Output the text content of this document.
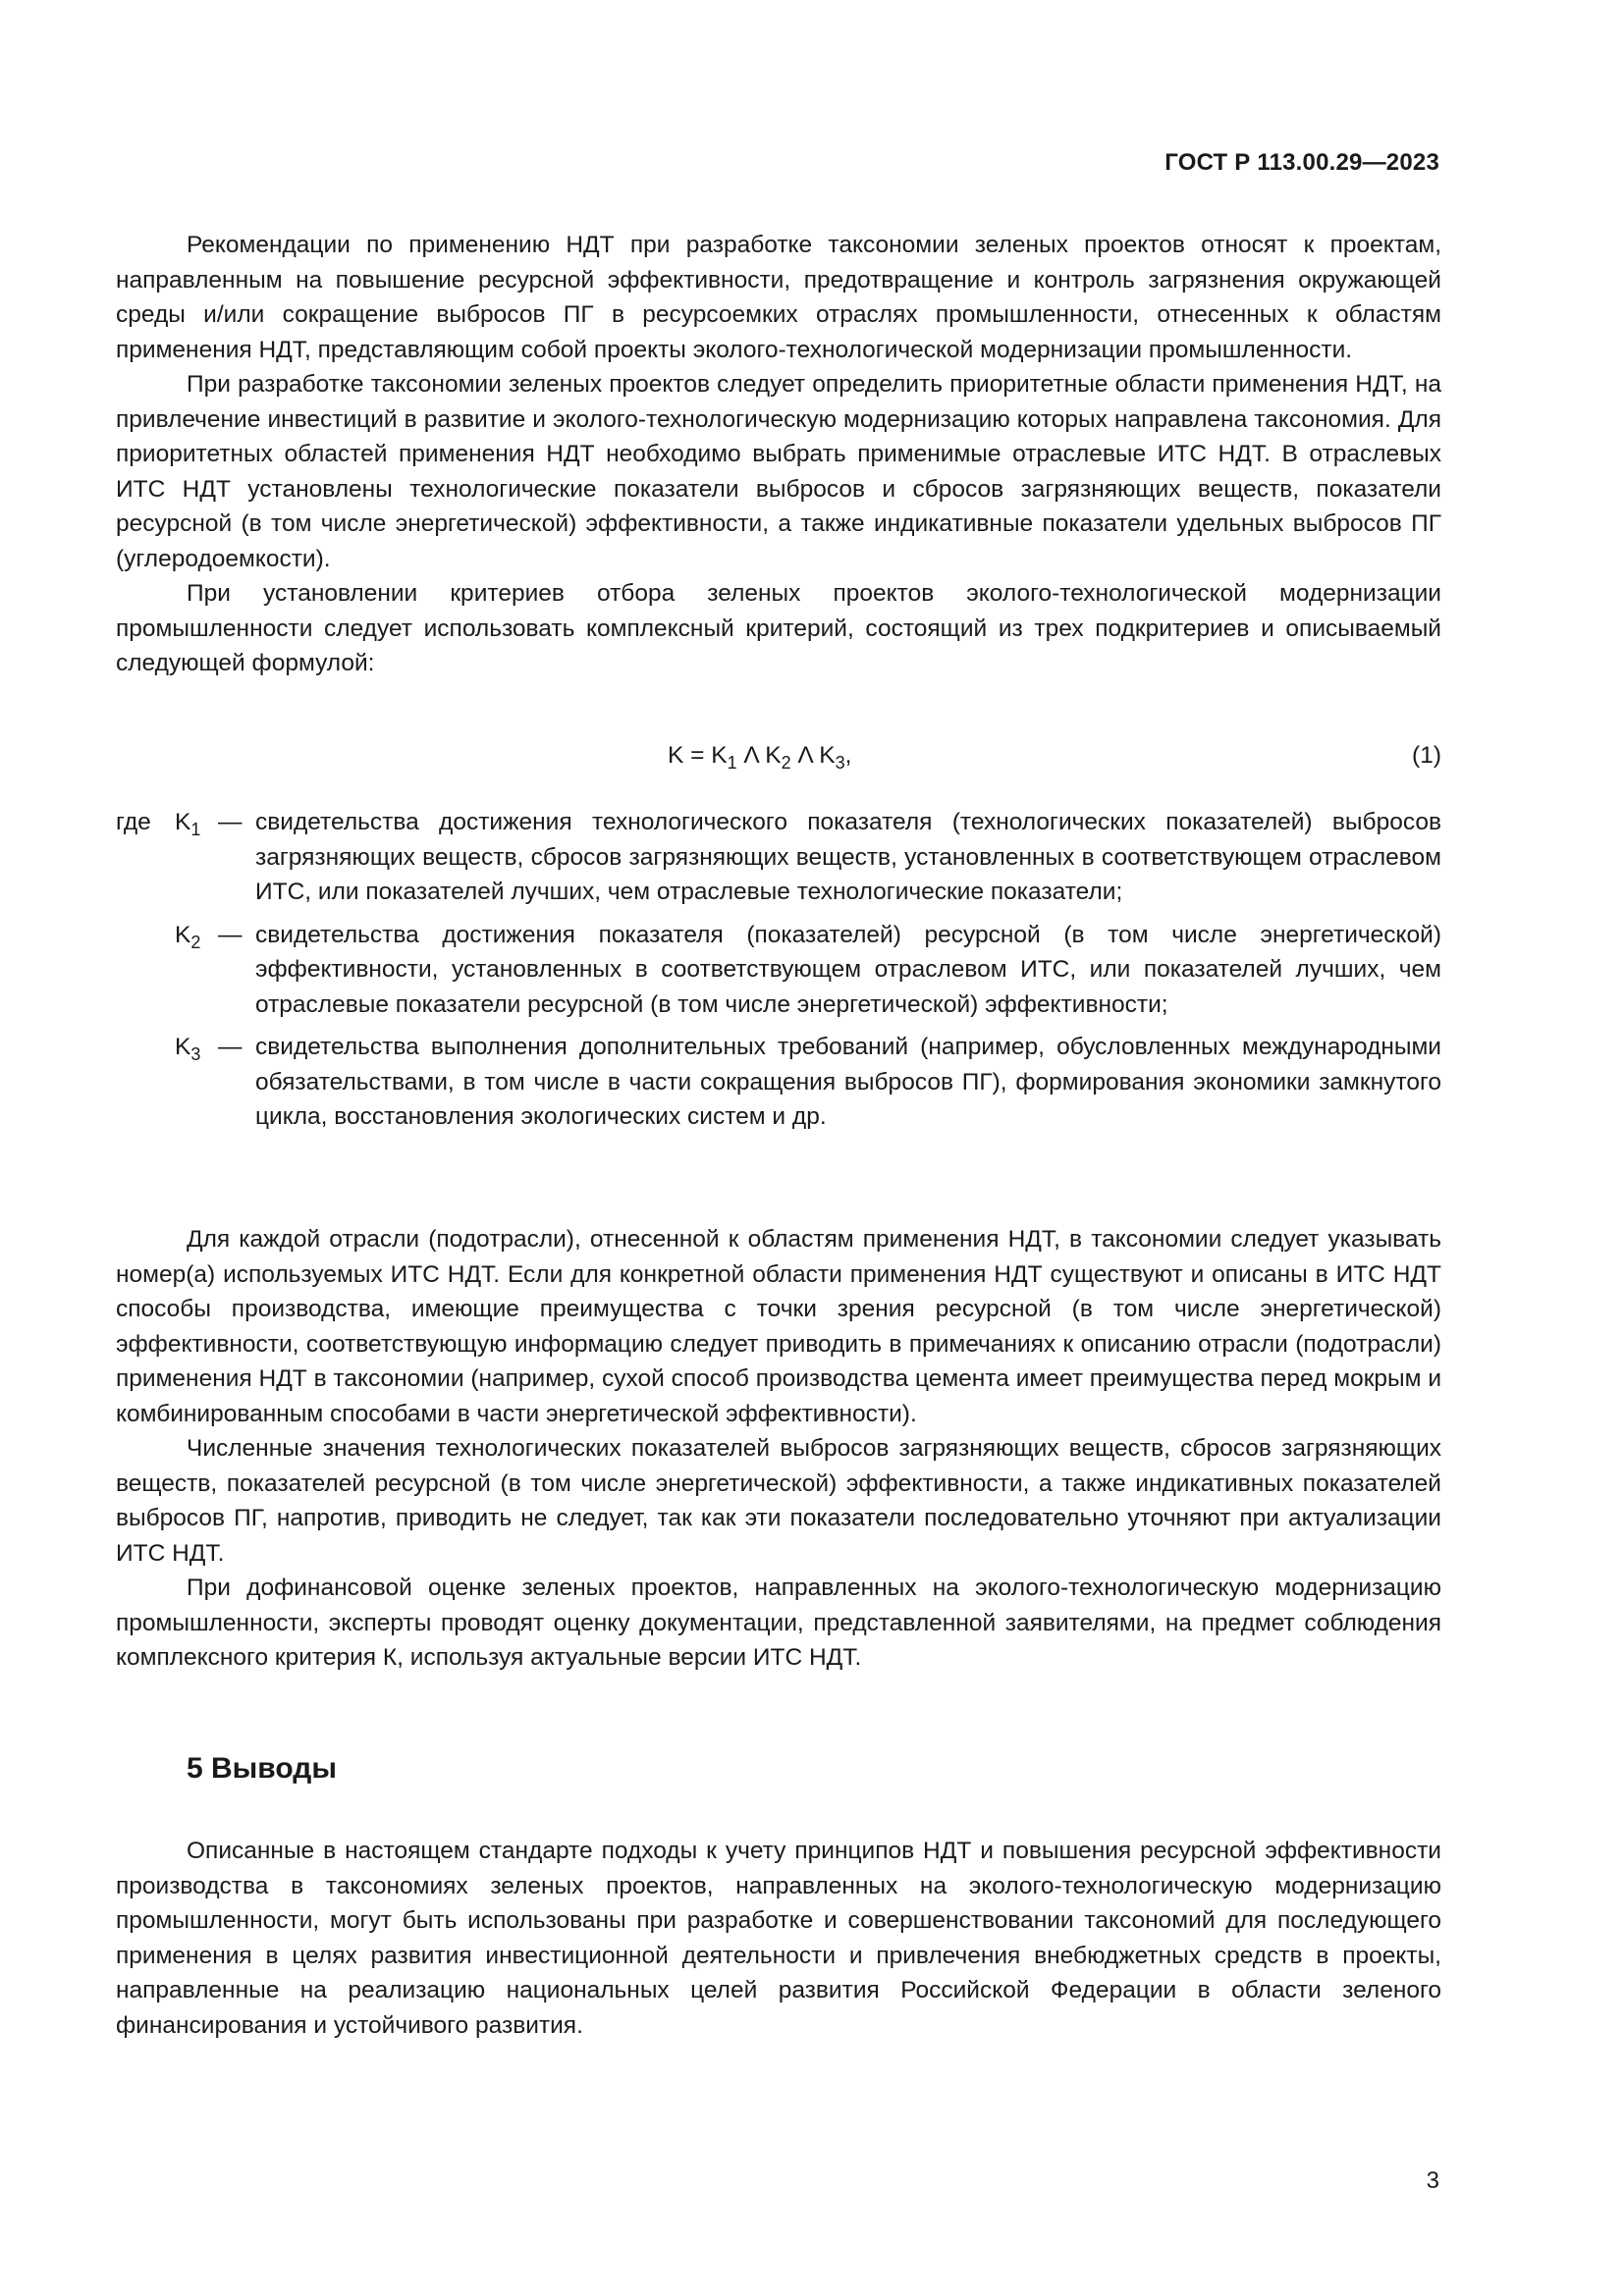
ГОСТ Р 113.00.29—2023

Рекомендации по применению НДТ при разработке таксономии зеленых проектов относят к проектам, направленным на повышение ресурсной эффективности, предотвращение и контроль загрязнения окружающей среды и/или сокращение выбросов ПГ в ресурсоемких отраслях промышленности, отнесенных к областям применения НДТ, представляющим собой проекты эколого-технологической модернизации промышленности.

При разработке таксономии зеленых проектов следует определить приоритетные области применения НДТ, на привлечение инвестиций в развитие и эколого-технологическую модернизацию которых направлена таксономия. Для приоритетных областей применения НДТ необходимо выбрать применимые отраслевые ИТС НДТ. В отраслевых ИТС НДТ установлены технологические показатели выбросов и сбросов загрязняющих веществ, показатели ресурсной (в том числе энергетической) эффективности, а также индикативные показатели удельных выбросов ПГ (углеродоемкости).

При установлении критериев отбора зеленых проектов эколого-технологической модернизации промышленности следует использовать комплексный критерий, состоящий из трех подкритериев и описываемый следующей формулой:

$K = K_1$ Λ $K_2$ Λ $K_3$,	(1)
где $K_1$ — свидетельства достижения технологического показателя (технологических показателей) выбросов загрязняющих веществ, сбросов загрязняющих веществ, установленных в соответствующем отраслевом ИТС, или показателей лучших, чем отраслевые технологические показатели;
$K_2$ — свидетельства достижения показателя (показателей) ресурсной (в том числе энергетической) эффективности, установленных в соответствующем отраслевом ИТС, или показателей лучших, чем отраслевые показатели ресурсной (в том числе энергетической) эффективности;
$K_3$ — свидетельства выполнения дополнительных требований (например, обусловленных международными обязательствами, в том числе в части сокращения выбросов ПГ), формирования экономики замкнутого цикла, восстановления экологических систем и др.

Для каждой отрасли (подотрасли), отнесенной к областям применения НДТ, в таксономии следует указывать номер(а) используемых ИТС НДТ. Если для конкретной области применения НДТ существуют и описаны в ИТС НДТ способы производства, имеющие преимущества с точки зрения ресурсной (в том числе энергетической) эффективности, соответствующую информацию следует приводить в примечаниях к описанию отрасли (подотрасли) применения НДТ в таксономии (например, сухой способ производства цемента имеет преимущества перед мокрым и комбинированным способами в части энергетической эффективности).

Численные значения технологических показателей выбросов загрязняющих веществ, сбросов загрязняющих веществ, показателей ресурсной (в том числе энергетической) эффективности, а также индикативных показателей выбросов ПГ, напротив, приводить не следует, так как эти показатели последовательно уточняют при актуализации ИТС НДТ.

При дофинансовой оценке зеленых проектов, направленных на эколого-технологическую модернизацию промышленности, эксперты проводят оценку документации, представленной заявителями, на предмет соблюдения комплексного критерия К, используя актуальные версии ИТС НДТ.

5 Выводы

Описанные в настоящем стандарте подходы к учету принципов НДТ и повышения ресурсной эффективности производства в таксономиях зеленых проектов, направленных на эколого-технологическую модернизацию промышленности, могут быть использованы при разработке и совершенствовании таксономий для последующего применения в целях развития инвестиционной деятельности и привлечения внебюджетных средств в проекты, направленные на реализацию национальных целей развития Российской Федерации в области зеленого финансирования и устойчивого развития.

3
